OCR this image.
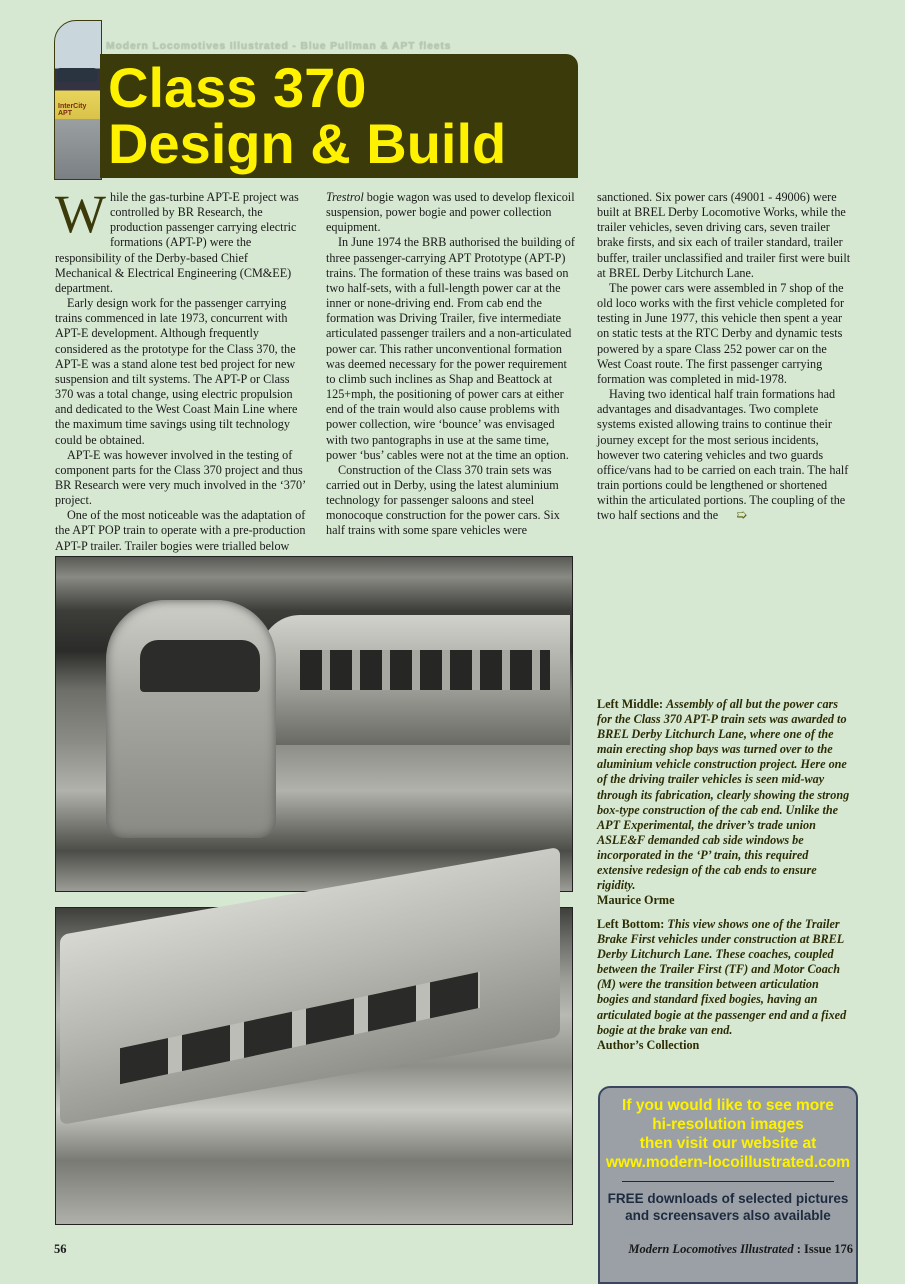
Modern Locomotives Illustrated - Blue Pullman & APT fleets
InterCity APT Class 370
Design & Build

While the gas-turbine APT-E project was controlled by BR Research, the production passenger carrying electric formations (APT-P) were the responsibility of the Derby-based Chief Mechanical & Electrical Engineering (CM&EE) department.

Early design work for the passenger carrying trains commenced in late 1973, concurrent with APT-E development. Although frequently considered as the prototype for the Class 370, the APT-E was a stand alone test bed project for new suspension and tilt systems. The APT-P or Class 370 was a total change, using electric propulsion and dedicated to the West Coast Main Line where the maximum time savings using tilt technology could be obtained.

APT-E was however involved in the testing of component parts for the Class 370 project and thus BR Research were very much involved in the ‘370’ project.

One of the most noticeable was the adaptation of the APT POP train to operate with a pre-production APT-P trailer. Trailer bogies were trialled below

Trestrol bogie wagon was used to develop flexicoil suspension, power bogie and power collection equipment.

In June 1974 the BRB authorised the building of three passenger-carrying APT Prototype (APT-P) trains. The formation of these trains was based on two half-sets, with a full-length power car at the inner or none-driving end. From cab end the formation was Driving Trailer, five intermediate articulated passenger trailers and a non-articulated power car. This rather unconventional formation was deemed necessary for the power requirement to climb such inclines as Shap and Beattock at 125+mph, the positioning of power cars at either end of the train would also cause problems with power collection, wire ‘bounce’ was envisaged with two pantographs in use at the same time, power ‘bus’ cables were not at the time an option.

Construction of the Class 370 train sets was carried out in Derby, using the latest aluminium technology for passenger saloons and steel monocoque construction for the power cars. Six half trains with some spare vehicles were

sanctioned. Six power cars (49001 - 49006) were built at BREL Derby Locomotive Works, while the trailer vehicles, seven driving cars, seven trailer brake firsts, and six each of trailer standard, trailer buffer, trailer unclassified and trailer first were built at BREL Derby Litchurch Lane.

The power cars were assembled in 7 shop of the old loco works with the first vehicle completed for testing in June 1977, this vehicle then spent a year on static tests at the RTC Derby and dynamic tests powered by a spare Class 252 power car on the West Coast route. The first passenger carrying formation was completed in mid-1978.

Having two identical half train formations had advantages and disadvantages. Two complete systems existed allowing trains to continue their journey except for the most serious incidents, however two catering vehicles and two guards office/vans had to be carried on each train. The half train portions could be lengthened or shortened within the articulated portions. The coupling of the two half sections and the ➯

Left Middle: Assembly of all but the power cars for the Class 370 APT-P train sets was awarded to BREL Derby Litchurch Lane, where one of the main erecting shop bays was turned over to the aluminium vehicle construction project. Here one of the driving trailer vehicles is seen mid-way through its fabrication, clearly showing the strong box-type construction of the cab end. Unlike the APT Experimental, the driver’s trade union ASLE&F demanded cab side windows be incorporated in the ‘P’ train, this required extensive redesign of the cab ends to ensure rigidity.
Maurice Orme
Left Bottom: This view shows one of the Trailer Brake First vehicles under construction at BREL Derby Litchurch Lane. These coaches, coupled between the Trailer First (TF) and Motor Coach (M) were the transition between articulation bogies and standard fixed bogies, having an articulated bogie at the passenger end and a fixed bogie at the brake van end.
Author’s Collection
If you would like to see more
hi-resolution images
then visit our website at
www.modern-locoillustrated.com
FREE downloads of selected pictures
and screensavers also available
56	Modern Locomotives Illustrated : Issue 176
